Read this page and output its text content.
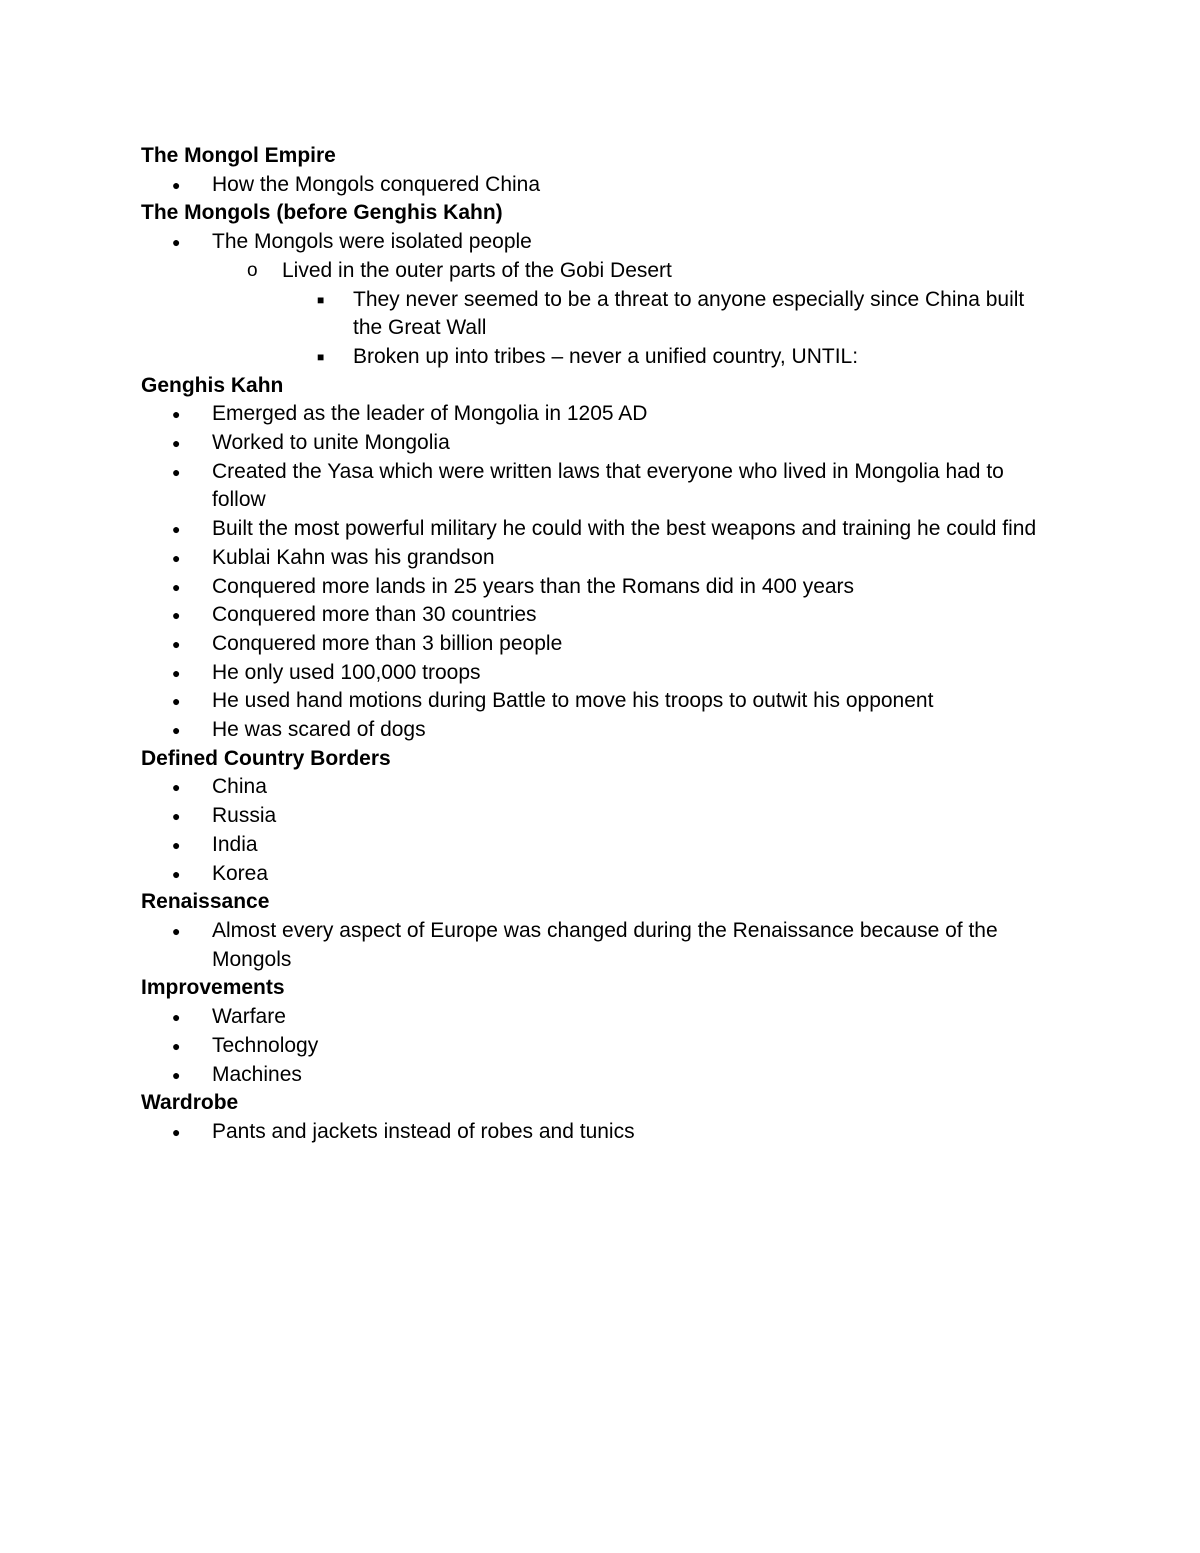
The Mongol Empire
● How the Mongols conquered China
The Mongols (before Genghis Kahn)
● The Mongols were isolated people
o Lived in the outer parts of the Gobi Desert
■ They never seemed to be a threat to anyone especially since China built the Great Wall
■ Broken up into tribes – never a unified country, UNTIL:
Genghis Kahn
● Emerged as the leader of Mongolia in 1205 AD
● Worked to unite Mongolia
● Created the Yasa which were written laws that everyone who lived in Mongolia had to follow
● Built the most powerful military he could with the best weapons and training he could find
● Kublai Kahn was his grandson
● Conquered more lands in 25 years than the Romans did in 400 years
● Conquered more than 30 countries
● Conquered more than 3 billion people
● He only used 100,000 troops
● He used hand motions during Battle to move his troops to outwit his opponent
● He was scared of dogs
Defined Country Borders
● China
● Russia
● India
● Korea
Renaissance
● Almost every aspect of Europe was changed during the Renaissance because of the Mongols
Improvements
● Warfare
● Technology
● Machines
Wardrobe
● Pants and jackets instead of robes and tunics
